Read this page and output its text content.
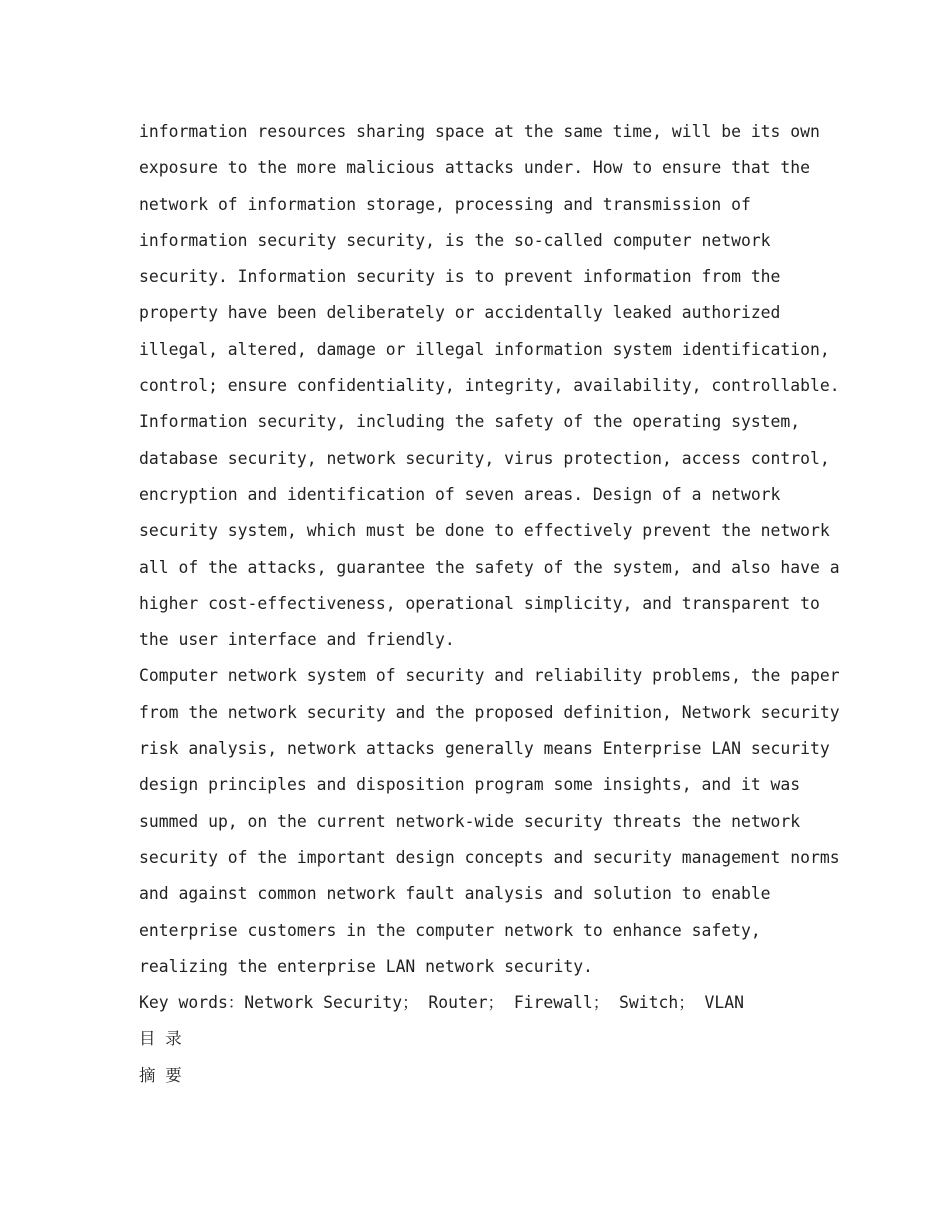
information resources sharing space at the same time, will be its own
exposure to the more malicious attacks under. How to ensure that the
network of information storage, processing and transmission of
information security security, is the so-called computer network
security. Information security is to prevent information from the
property have been deliberately or accidentally leaked authorized
illegal, altered, damage or illegal information system identification,
control; ensure confidentiality, integrity, availability, controllable.
Information security, including the safety of the operating system,
database security, network security, virus protection, access control,
encryption and identification of seven areas. Design of a network
security system, which must be done to effectively prevent the network
all of the attacks, guarantee the safety of the system, and also have a
higher cost-effectiveness, operational simplicity, and transparent to
the user interface and friendly.
Computer network system of security and reliability problems, the paper
from the network security and the proposed definition, Network security
risk analysis, network attacks generally means Enterprise LAN security
design principles and disposition program some insights, and it was
summed up, on the current network-wide security threats the network
security of the important design concepts and security management norms
and against common network fault analysis and solution to enable
enterprise customers in the computer network to enhance safety,
realizing the enterprise LAN network security.
Key words：Network Security； Router； Firewall； Switch； VLAN
目 录
摘 要
